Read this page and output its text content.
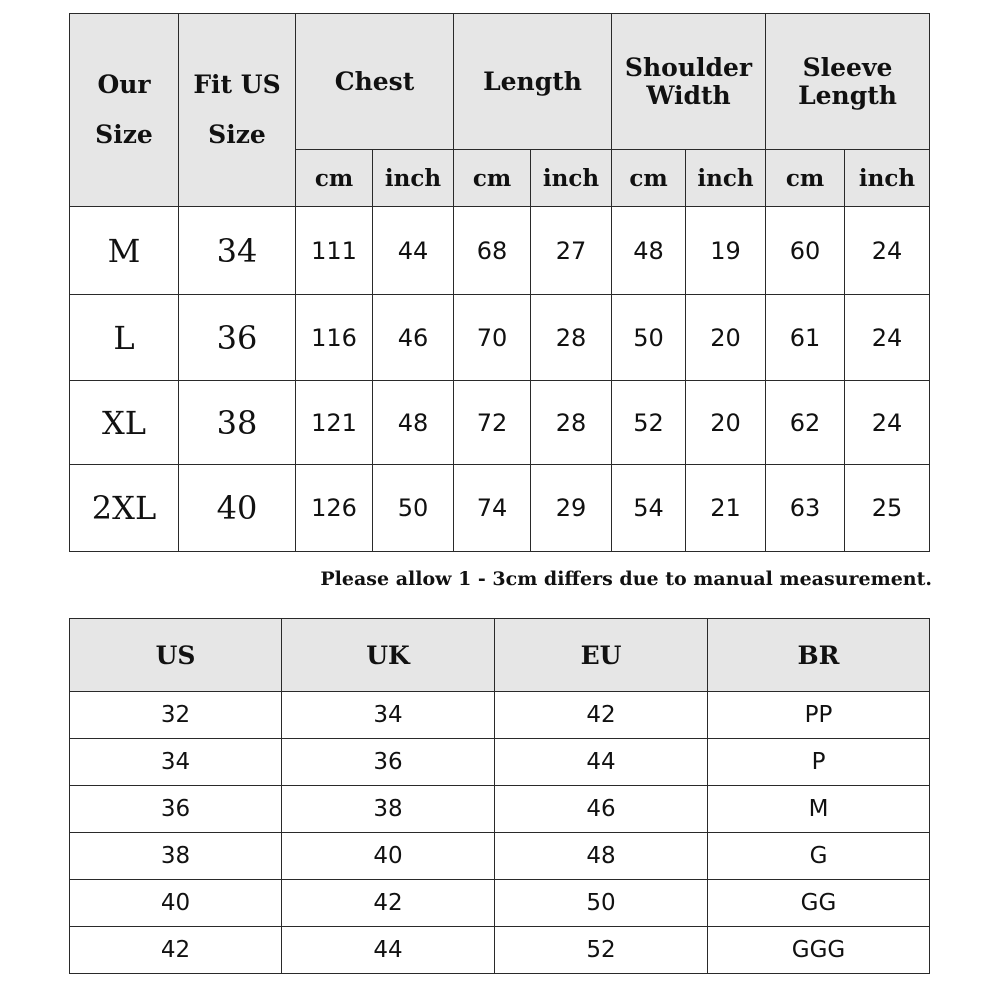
Our Size	Fit US Size	Chest		Length		Shoulder Width		Sleeve Length	
		cm	inch	cm	inch	cm	inch	cm	inch
M	34	111	44	68	27	48	19	60	24
L	36	116	46	70	28	50	20	61	24
XL	38	121	48	72	28	52	20	62	24
2XL	40	126	50	74	29	54	21	63	25
Please allow 1 - 3cm differs due to manual measurement.
US	UK	EU	BR
32	34	42	PP
34	36	44	P
36	38	46	M
38	40	48	G
40	42	50	GG
42	44	52	GGG
